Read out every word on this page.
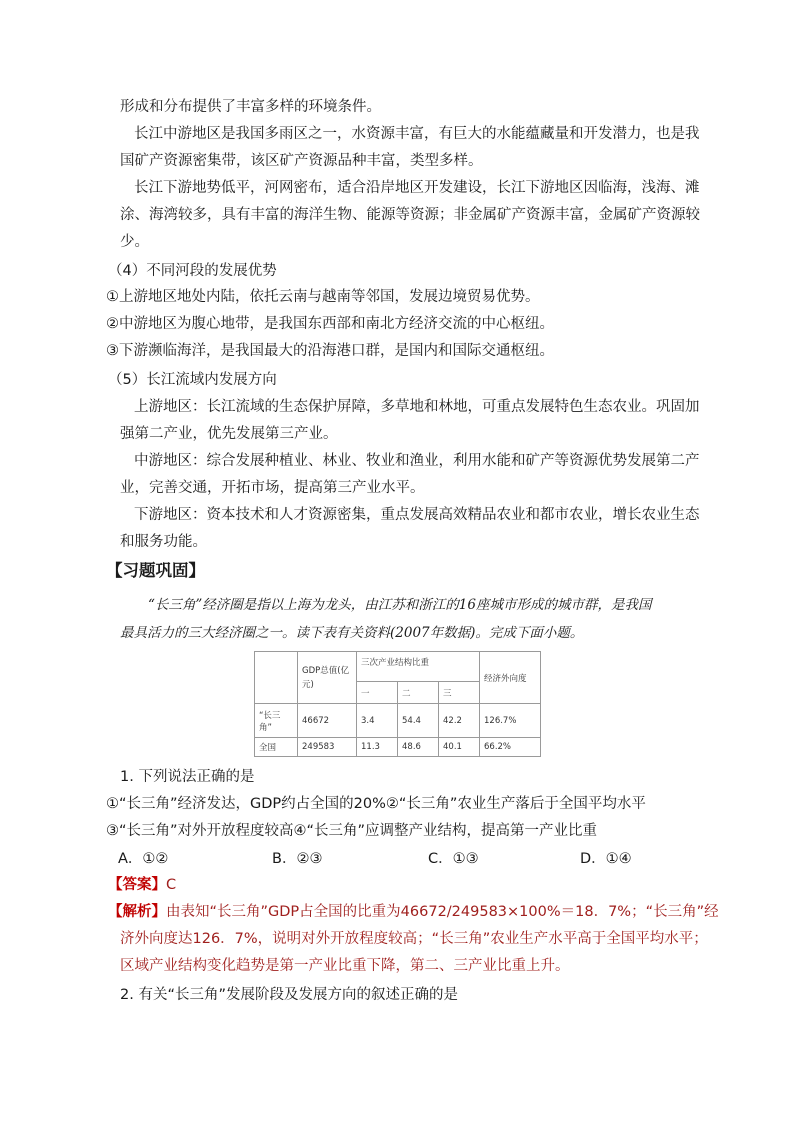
形成和分布提供了丰富多样的环境条件。
长江中游地区是我国多雨区之一，水资源丰富，有巨大的水能蕴藏量和开发潜力，也是我
国矿产资源密集带，该区矿产资源品种丰富，类型多样。
长江下游地势低平，河网密布，适合沿岸地区开发建设，长江下游地区因临海，浅海、滩
涂、海湾较多，具有丰富的海洋生物、能源等资源；非金属矿产资源丰富，金属矿产资源较
少。
（4）不同河段的发展优势
①上游地区地处内陆，依托云南与越南等邻国，发展边境贸易优势。
②中游地区为腹心地带，是我国东西部和南北方经济交流的中心枢纽。
③下游濒临海洋，是我国最大的沿海港口群，是国内和国际交通枢纽。
（5）长江流域内发展方向
上游地区：长江流域的生态保护屏障，多草地和林地，可重点发展特色生态农业。巩固加
强第二产业，优先发展第三产业。
中游地区：综合发展种植业、林业、牧业和渔业，利用水能和矿产等资源优势发展第二产
业，完善交通，开拓市场，提高第三产业水平。
下游地区：资本技术和人才资源密集，重点发展高效精品农业和都市农业，增长农业生态
和服务功能。
【习题巩固】
“长三角”经济圈是指以上海为龙头，由江苏和浙江的16座城市形成的城市群，是我国
最具活力的三大经济圈之一。读下表有关资料(2007年数据)。完成下面小题。
	GDP总值(亿元)	三次产业结构比重			经济外向度
		一	二	三	
“长三角”	46672	3.4	54.4	42.2	126.7%
全国	249583	11.3	48.6	40.1	66.2%
1. 下列说法正确的是
①“长三角”经济发达，GDP约占全国的20%②“长三角”农业生产落后于全国平均水平
③“长三角”对外开放程度较高④“长三角”应调整产业结构，提高第一产业比重
A．①②	B．②③	C．①③	D．①④
【答案】C
【解析】由表知“长三角”GDP占全国的比重为46672/249583×100%＝18．7%；“长三角”经
济外向度达126．7%，说明对外开放程度较高；“长三角”农业生产水平高于全国平均水平；
区域产业结构变化趋势是第一产业比重下降，第二、三产业比重上升。
2. 有关“长三角”发展阶段及发展方向的叙述正确的是
